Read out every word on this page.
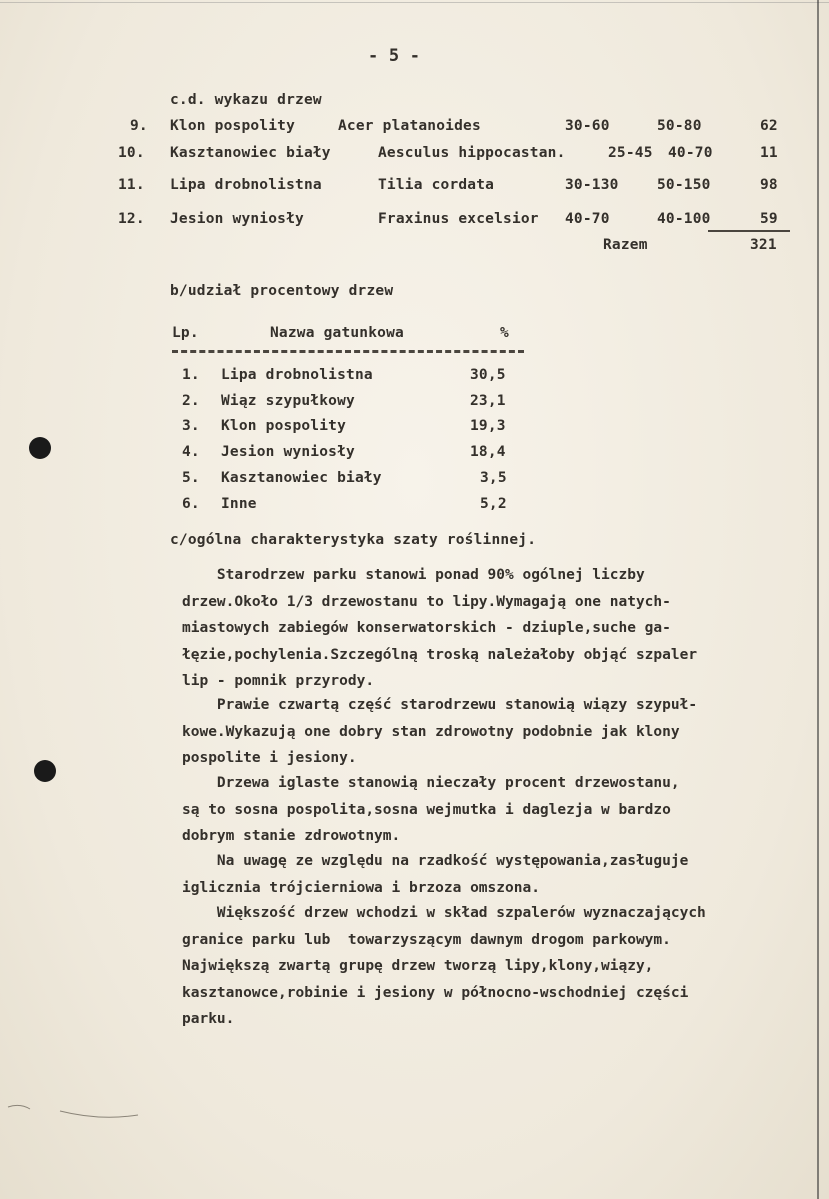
- 5 -
c.d. wykazu drzew
9. Klon pospolity	Acer platanoides	30-60	50-80	62
10. Kasztanowiec biały	Aesculus hippocastan.	25-45 40-70	11
11. Lipa drobnolistna	Tilia cordata	30-130	50-150	98
12. Jesion wyniosły	Fraxinus excelsior 40-70	40-100	59
Razem	321
b/udział procentowy drzew
Lp.	Nazwa gatunkowa	%
1. Lipa drobnolistna	30,5
2. Wiąz szypułkowy	23,1
3. Klon pospolity	19,3
4. Jesion wyniosły	18,4
5. Kasztanowiec biały	3,5
6. Inne	5,2
c/ogólna charakterystyka szaty roślinnej.
Starodrzew parku stanowi ponad 90% ogólnej liczby
drzew.Około 1/3 drzewostanu to lipy.Wymagają one natych-
miastowych zabiegów konserwatorskich - dziuple,suche ga-
łęzie,pochylenia.Szczególną troską należałoby objąć szpaler
lip - pomnik przyrody.
Prawie czwartą część starodrzewu stanowią wiązy szypuł-
kowe.Wykazują one dobry stan zdrowotny podobnie jak klony
pospolite i jesiony.
Drzewa iglaste stanowią nieczały procent drzewostanu,
są to sosna pospolita,sosna wejmutka i daglezja w bardzo
dobrym stanie zdrowotnym.
Na uwagę ze względu na rzadkość występowania,zasługuje
iglicznia trójcierniowa i brzoza omszona.
Większość drzew wchodzi w skład szpalerów wyznaczających
granice parku lub  towarzyszącym dawnym drogom parkowym.
Największą zwartą grupę drzew tworzą lipy,klony,wiązy,
kasztanowce,robinie i jesiony w północno-wschodniej części
parku.
